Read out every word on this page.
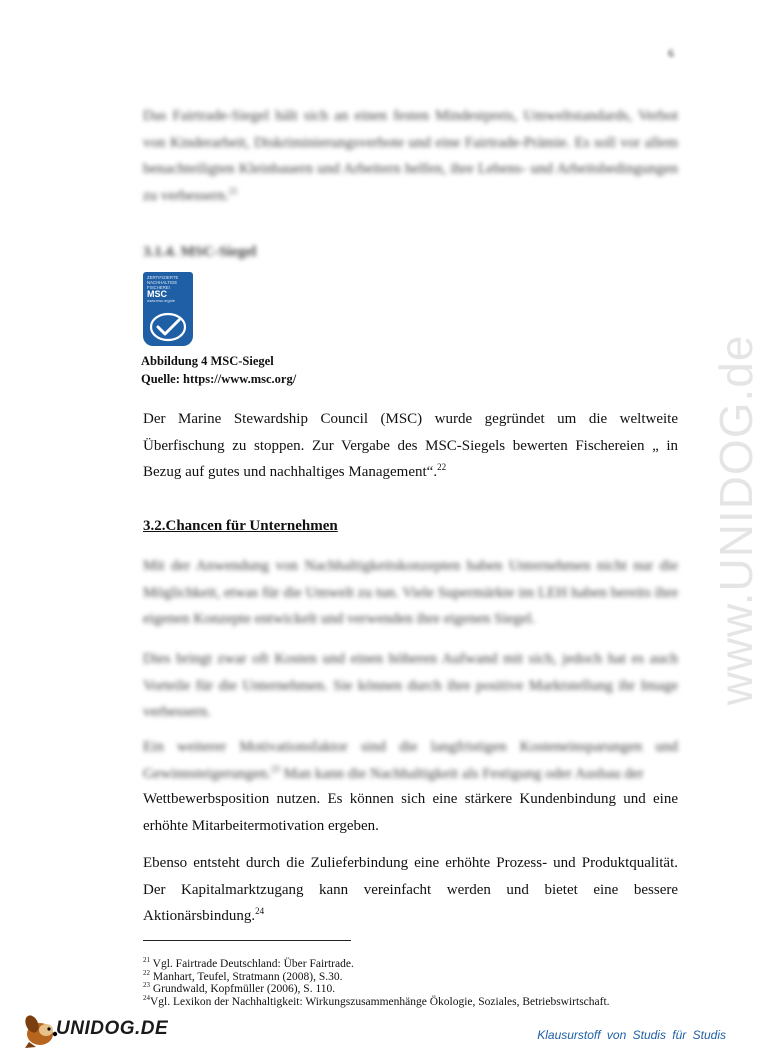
6
Das Fairtrade-Siegel hält sich an einen festen Mindestpreis, Umweltstandards, Verbot von Kinderarbeit, Diskriminierungsverbote und eine Fairtrade-Prämie. Es soll vor allem benachteiligten Kleinbauern und Arbeitern helfen, ihre Lebens- und Arbeitsbedingungen zu verbessern.$^{21}$
3.1.4. MSC-Siegel
ZERTIFIZIERTE
NACHHALTIGE
FISCHEREI
MSC
www.msc.org/de
Abbildung 4 MSC-Siegel
Quelle: https://www.msc.org/
Der Marine Stewardship Council (MSC) wurde gegründet um die weltweite Überfischung zu stoppen. Zur Vergabe des MSC-Siegels bewerten Fischereien „ in Bezug auf gutes und nachhaltiges Management“.$^{22}$
3.2.Chancen für Unternehmen
Mit der Anwendung von Nachhaltigkeitskonzepten haben Unternehmen nicht nur die Möglichkeit, etwas für die Umwelt zu tun. Viele Supermärkte im LEH haben bereits ihre eigenen Konzepte entwickelt und verwenden ihre eigenen Siegel.
Dies bringt zwar oft Kosten und einen höheren Aufwand mit sich, jedoch hat es auch Vorteile für die Unternehmen. Sie können durch ihre positive Marktstellung ihr Image verbessern.
Ein weiterer Motivationsfaktor sind die langfristigen Kosteneinsparungen und Gewinnsteigerungen.$^{23}$ Man kann die Nachhaltigkeit als Festigung oder Ausbau der
Wettbewerbsposition nutzen. Es können sich eine stärkere Kundenbindung und eine erhöhte Mitarbeitermotivation ergeben.
Ebenso entsteht durch die Zulieferbindung eine erhöhte Prozess- und Produktqualität. Der Kapitalmarktzugang kann vereinfacht werden und bietet eine bessere Aktionärsbindung.$^{24}$
$^{21}$ Vgl. Fairtrade Deutschland: Über Fairtrade.
$^{22}$ Manhart, Teufel, Stratmann (2008), S.30.
$^{23}$ Grundwald, Kopfmüller (2006), S. 110.
$^{24}$Vgl. Lexikon der Nachhaltigkeit: Wirkungszusammenhänge Ökologie, Soziales, Betriebswirtschaft.
www.UNIDOG.de
UNIDOG.DE	Klausurstoff von Studis für Studis
